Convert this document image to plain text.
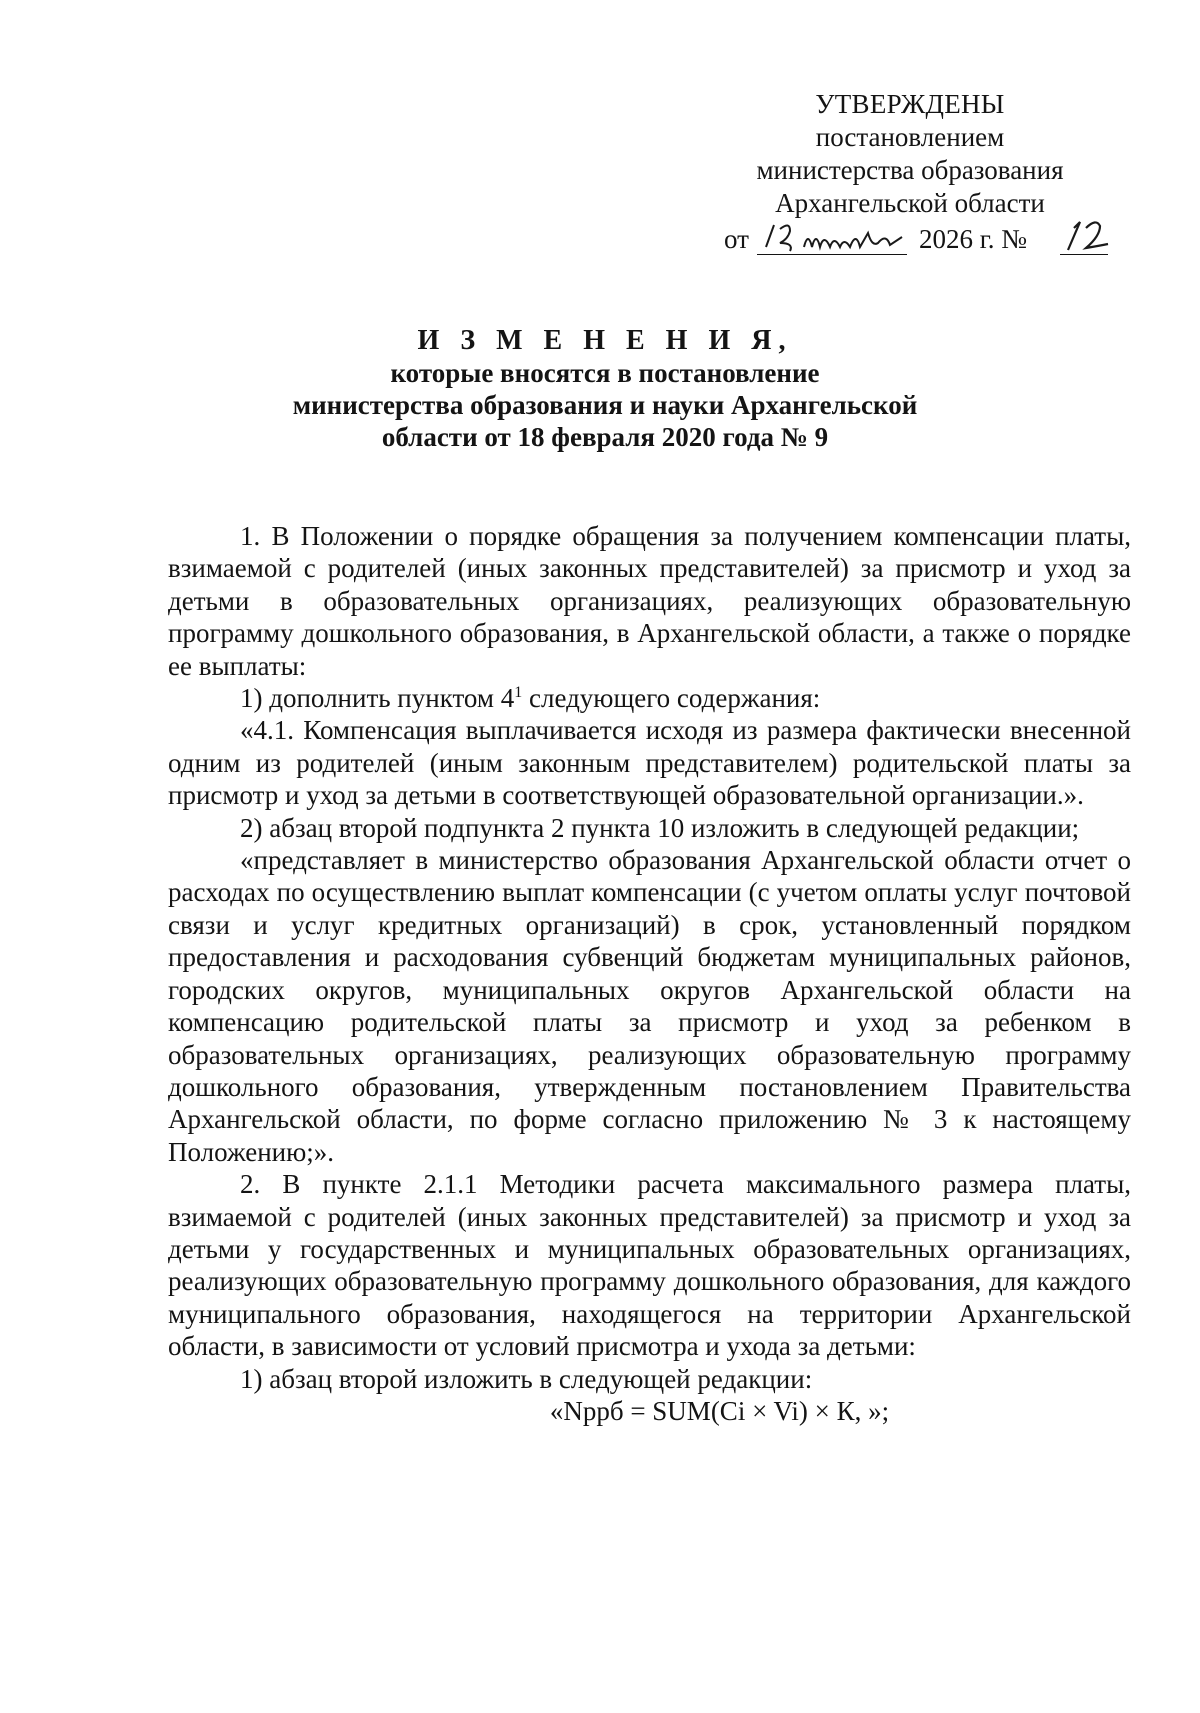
УТВЕРЖДЕНЫ
постановлением
министерства образования
Архангельской области
от	2026 г. №
И З М Е Н Е Н И Я,
которые вносятся в постановление
министерства образования и науки Архангельской
области от 18 февраля 2020 года № 9

1. В Положении о порядке обращения за получением компенсации платы, взимаемой с родителей (иных законных представителей) за присмотр и уход за детьми в образовательных организациях, реализующих образовательную программу дошкольного образования, в Архангельской области, а также о порядке ее выплаты:

1) дополнить пунктом $4^1$ следующего содержания:

«4.1. Компенсация выплачивается исходя из размера фактически внесенной одним из родителей (иным законным представителем) родительской платы за присмотр и уход за детьми в соответствующей образовательной организации.».

2) абзац второй подпункта 2 пункта 10 изложить в следующей редакции;

«представляет в министерство образования Архангельской области отчет о расходах по осуществлению выплат компенсации (с учетом оплаты услуг почтовой связи и услуг кредитных организаций) в срок, установленный порядком предоставления и расходования субвенций бюджетам муниципальных районов, городских округов, муниципальных округов Архангельской области на компенсацию родительской платы за присмотр и уход за ребенком в образовательных организациях, реализующих образовательную программу дошкольного образования, утвержденным постановлением Правительства Архангельской области, по форме согласно приложению № 3 к настоящему Положению;».

2. В пункте 2.1.1 Методики расчета максимального размера платы, взимаемой с родителей (иных законных представителей) за присмотр и уход за детьми у государственных и муниципальных образовательных организациях, реализующих образовательную программу дошкольного образования, для каждого муниципального образования, находящегося на территории Архангельской области, в зависимости от условий присмотра и ухода за детьми:

1) абзац второй изложить в следующей редакции:

«Nррб = SUM(Ci × Vi) × К, »;
